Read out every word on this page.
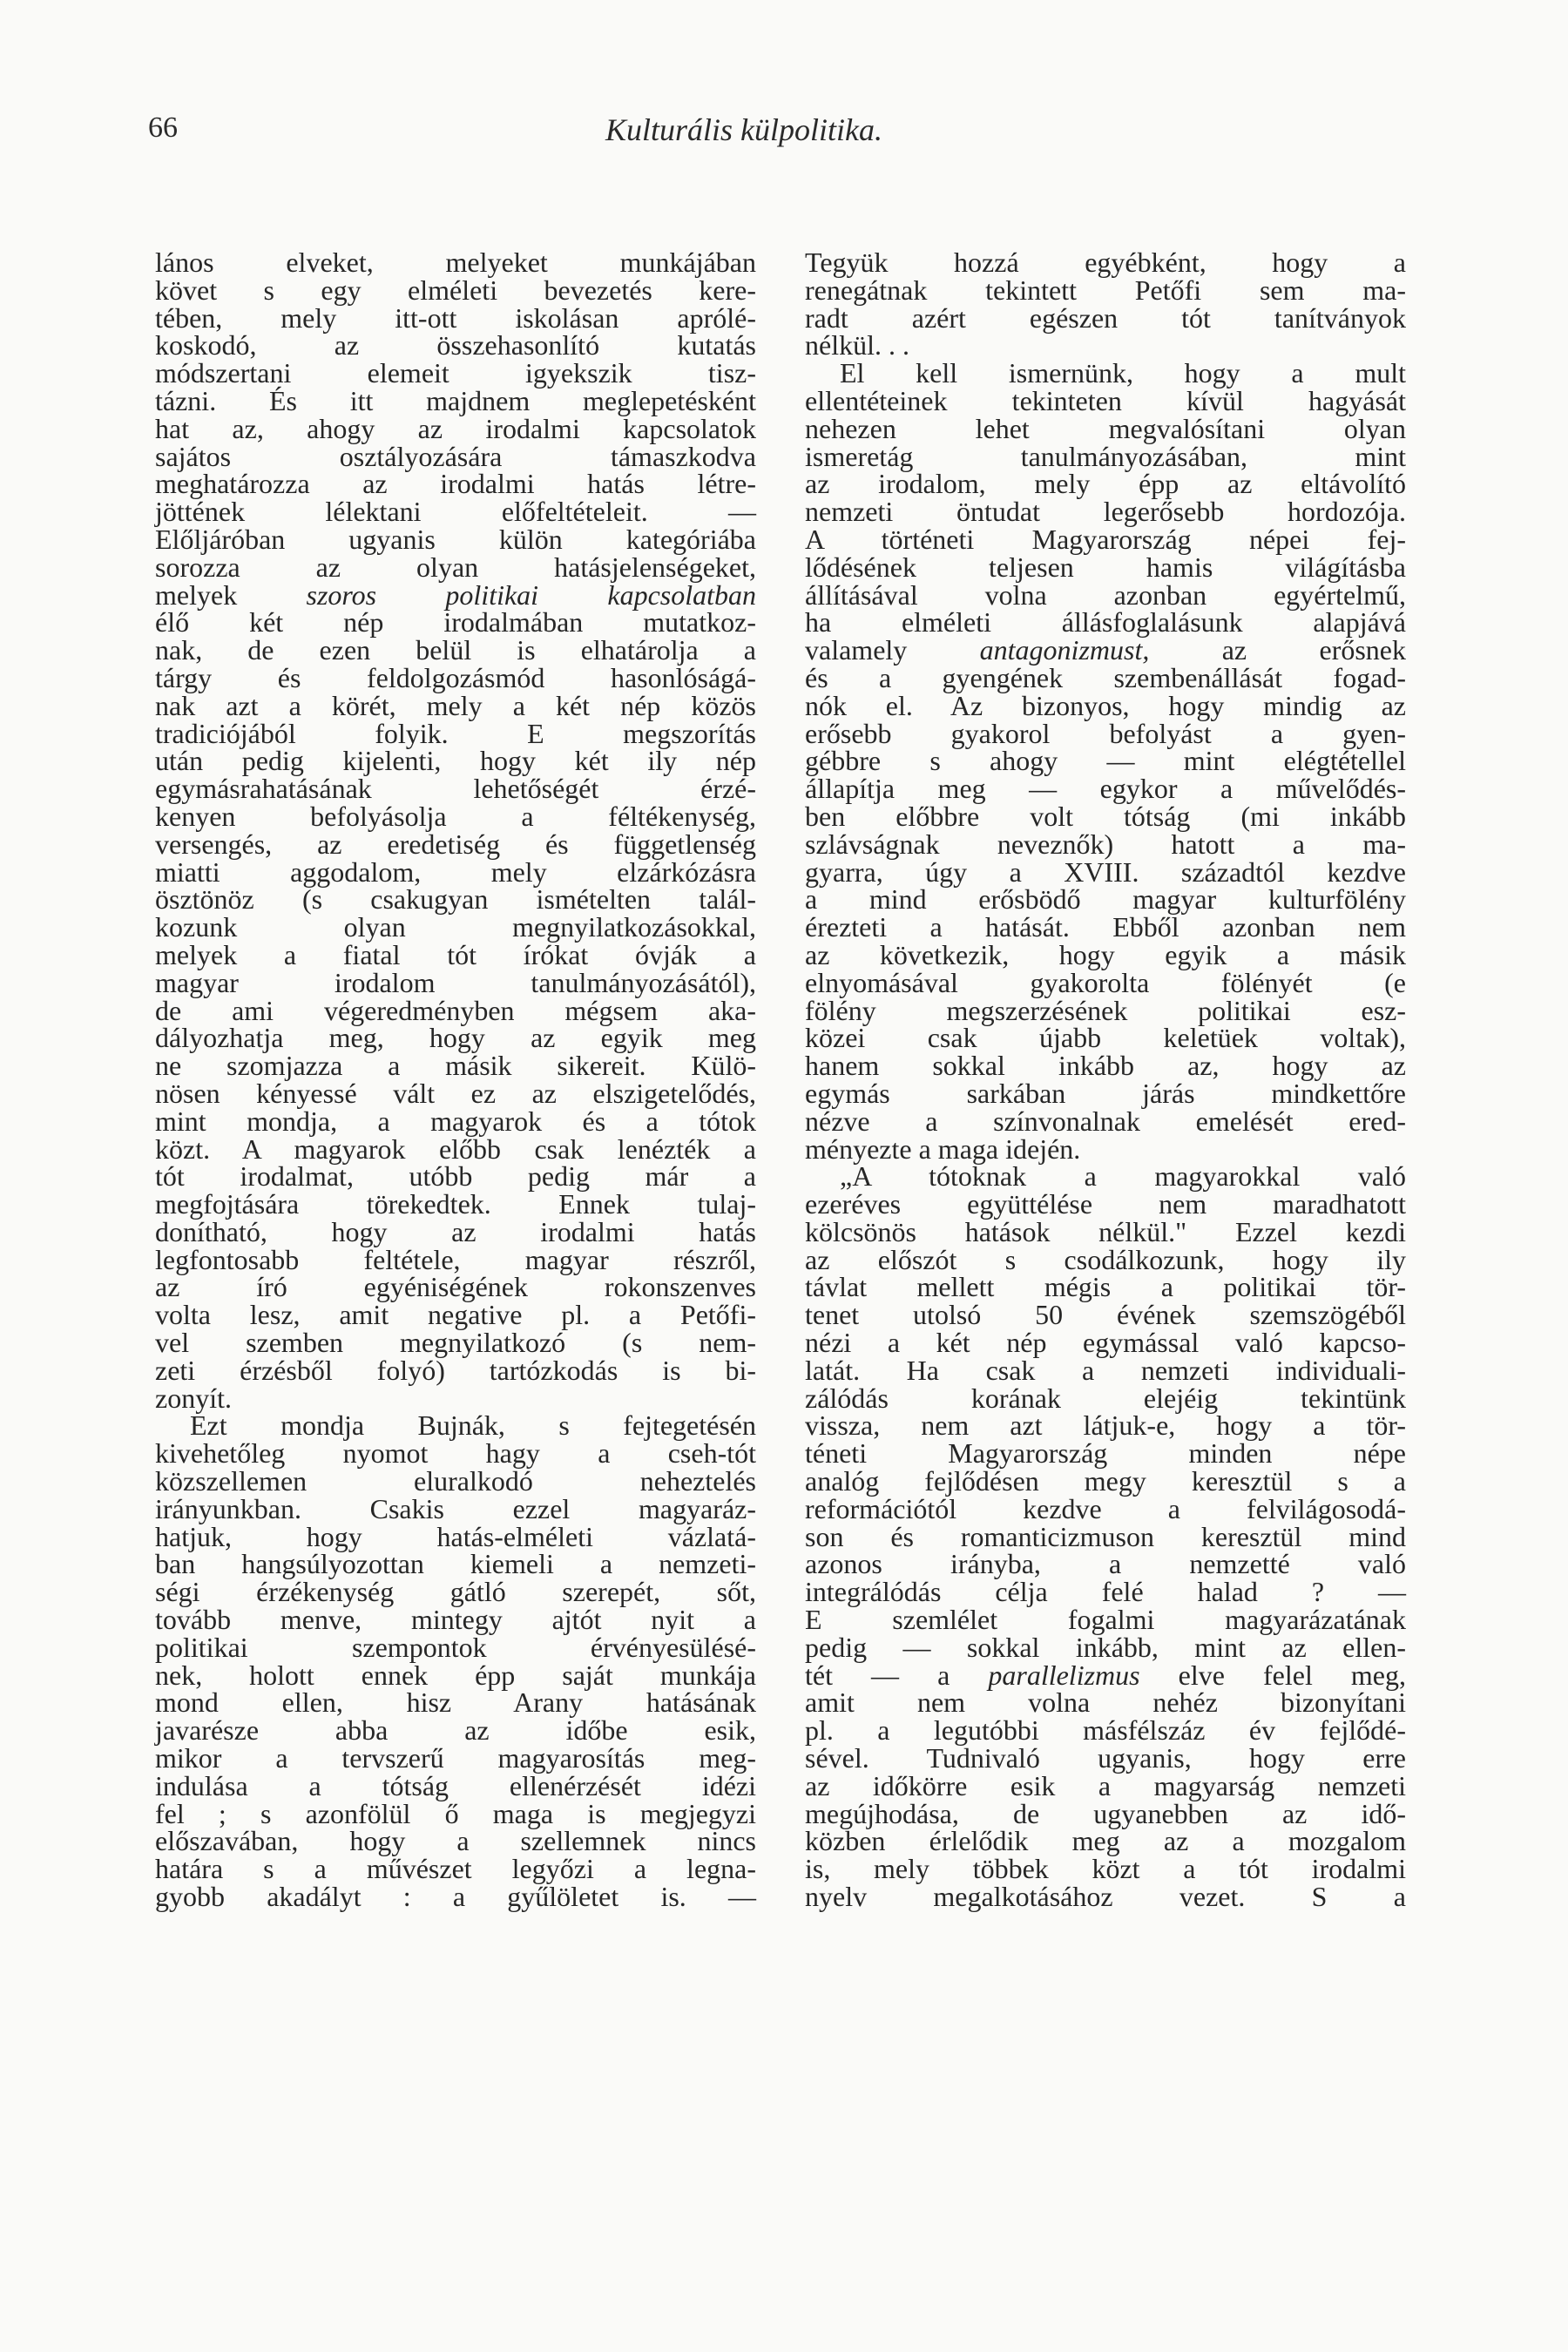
66	Kulturális külpolitika.
lános elveket, melyeket munkájában
követ s egy elméleti bevezetés kere-
tében, mely itt-ott iskolásan aprólé-
koskodó, az összehasonlító kutatás
módszertani elemeit igyekszik tisz-
tázni. És itt majdnem meglepetésként
hat az, ahogy az irodalmi kapcsolatok
sajátos osztályozására támaszkodva
meghatározza az irodalmi hatás létre-
jöttének lélektani előfeltételeit. —
Előljáróban ugyanis külön kategóriába
sorozza az olyan hatásjelenségeket,
melyek szoros politikai kapcsolatban
élő két nép irodalmában mutatkoz-
nak, de ezen belül is elhatárolja a
tárgy és feldolgozásmód hasonlóságá-
nak azt a körét, mely a két nép közös
tradiciójából folyik. E megszorítás
után pedig kijelenti, hogy két ily nép
egymásrahatásának lehetőségét érzé-
kenyen befolyásolja a féltékenység,
versengés, az eredetiség és függetlenség
miatti aggodalom, mely elzárkózásra
ösztönöz (s csakugyan ismételten talál-
kozunk olyan megnyilatkozásokkal,
melyek a fiatal tót írókat óvják a
magyar irodalom tanulmányozásától),
de ami végeredményben mégsem aka-
dályozhatja meg, hogy az egyik meg
ne szomjazza a másik sikereit. Külö-
nösen kényessé vált ez az elszigetelődés,
mint mondja, a magyarok és a tótok
közt. A magyarok előbb csak lenézték a
tót irodalmat, utóbb pedig már a
megfojtására törekedtek. Ennek tulaj-
donítható, hogy az irodalmi hatás
legfontosabb feltétele, magyar részről,
az író egyéniségének rokonszenves
volta lesz, amit negative pl. a Petőfi-
vel szemben megnyilatkozó (s nem-
zeti érzésből folyó) tartózkodás is bi-
zonyít.
Ezt mondja Bujnák, s fejtegetésén
kivehetőleg nyomot hagy a cseh-tót
közszellemen eluralkodó neheztelés
irányunkban. Csakis ezzel magyaráz-
hatjuk, hogy hatás-elméleti vázlatá-
ban hangsúlyozottan kiemeli a nemzeti-
ségi érzékenység gátló szerepét, sőt,
tovább menve, mintegy ajtót nyit a
politikai szempontok érvényesülésé-
nek, holott ennek épp saját munkája
mond ellen, hisz Arany hatásának
javarésze abba az időbe esik,
mikor a tervszerű magyarosítás meg-
indulása a tótság ellenérzését idézi
fel ; s azonfölül ő maga is megjegyzi
előszavában, hogy a szellemnek nincs
határa s a művészet legyőzi a legna-
gyobb akadályt : a gyűlöletet is. —
Tegyük hozzá egyébként, hogy a
renegátnak tekintett Petőfi sem ma-
radt azért egészen tót tanítványok
nélkül. . .
El kell ismernünk, hogy a mult
ellentéteinek tekinteten kívül hagyását
nehezen lehet megvalósítani olyan
ismeretág tanulmányozásában, mint
az irodalom, mely épp az eltávolító
nemzeti öntudat legerősebb hordozója.
A történeti Magyarország népei fej-
lődésének teljesen hamis világításba
állításával volna azonban egyértelmű,
ha elméleti állásfoglalásunk alapjává
valamely antagonizmust, az erősnek
és a gyengének szembenállását fogad-
nók el. Az bizonyos, hogy mindig az
erősebb gyakorol befolyást a gyen-
gébbre s ahogy — mint elégtétellel
állapítja meg — egykor a művelődés-
ben előbbre volt tótság (mi inkább
szlávságnak neveznők) hatott a ma-
gyarra, úgy a XVIII. századtól kezdve
a mind erősbödő magyar kulturfölény
érezteti a hatását. Ebből azonban nem
az következik, hogy egyik a másik
elnyomásával gyakorolta fölényét (e
fölény megszerzésének politikai esz-
közei csak újabb keletüek voltak),
hanem sokkal inkább az, hogy az
egymás sarkában járás mindkettőre
nézve a színvonalnak emelését ered-
ményezte a maga idején.
„A tótoknak a magyarokkal való
ezeréves együttélése nem maradhatott
kölcsönös hatások nélkül." Ezzel kezdi
az előszót s csodálkozunk, hogy ily
távlat mellett mégis a politikai tör-
tenet utolsó 50 évének szemszögéből
nézi a két nép egymással való kapcso-
latát. Ha csak a nemzeti individuali-
zálódás korának elejéig tekintünk
vissza, nem azt látjuk-e, hogy a tör-
téneti Magyarország minden népe
analóg fejlődésen megy keresztül s a
reformációtól kezdve a felvilágosodá-
son és romanticizmuson keresztül mind
azonos irányba, a nemzetté való
integrálódás célja felé halad ? —
E szemlélet fogalmi magyarázatának
pedig — sokkal inkább, mint az ellen-
tét — a parallelizmus elve felel meg,
amit nem volna nehéz bizonyítani
pl. a legutóbbi másfélszáz év fejlődé-
sével. Tudnivaló ugyanis, hogy erre
az időkörre esik a magyarság nemzeti
megújhodása, de ugyanebben az idő-
közben érlelődik meg az a mozgalom
is, mely többek közt a tót irodalmi
nyelv megalkotásához vezet. S a
